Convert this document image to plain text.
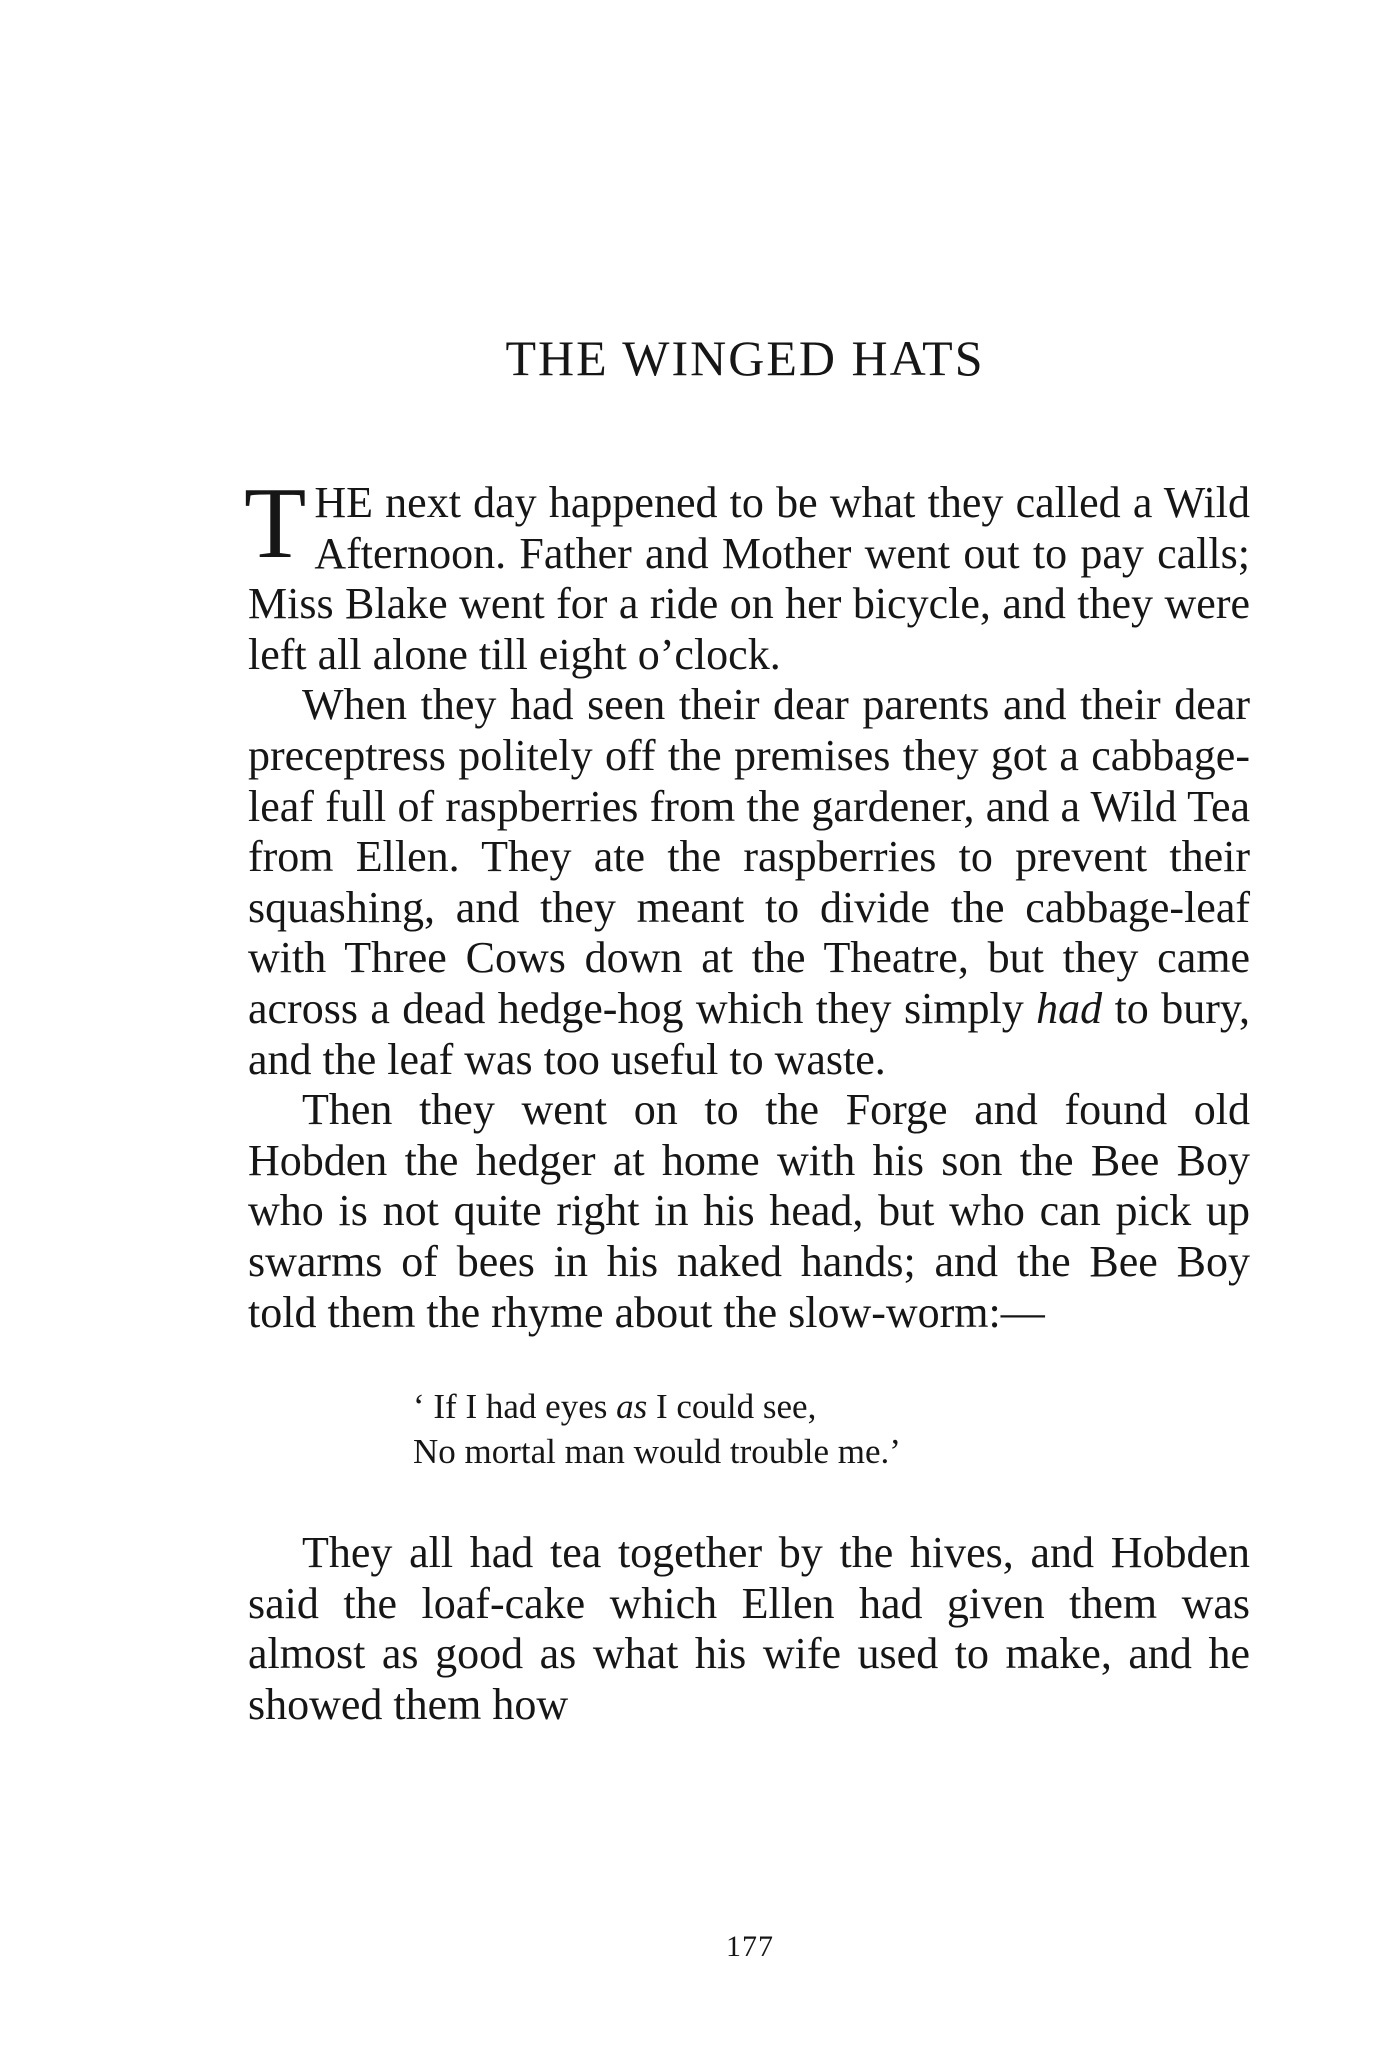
THE WINGED HATS

THE next day happened to be what they called a Wild Afternoon. Father and Mother went out to pay calls; Miss Blake went for a ride on her bicycle, and they were left all alone till eight o’clock.

When they had seen their dear parents and their dear preceptress politely off the premises they got a cabbage-leaf full of raspberries from the gardener, and a Wild Tea from Ellen. They ate the raspberries to prevent their squashing, and they meant to divide the cabbage-leaf with Three Cows down at the Theatre, but they came across a dead hedge-hog which they simply had to bury, and the leaf was too useful to waste.

Then they went on to the Forge and found old Hobden the hedger at home with his son the Bee Boy who is not quite right in his head, but who can pick up swarms of bees in his naked hands; and the Bee Boy told them the rhyme about the slow-worm:—

‘ If I had eyes as I could see,
No mortal man would trouble me.’

They all had tea together by the hives, and Hobden said the loaf-cake which Ellen had given them was almost as good as what his wife used to make, and he showed them how

177
